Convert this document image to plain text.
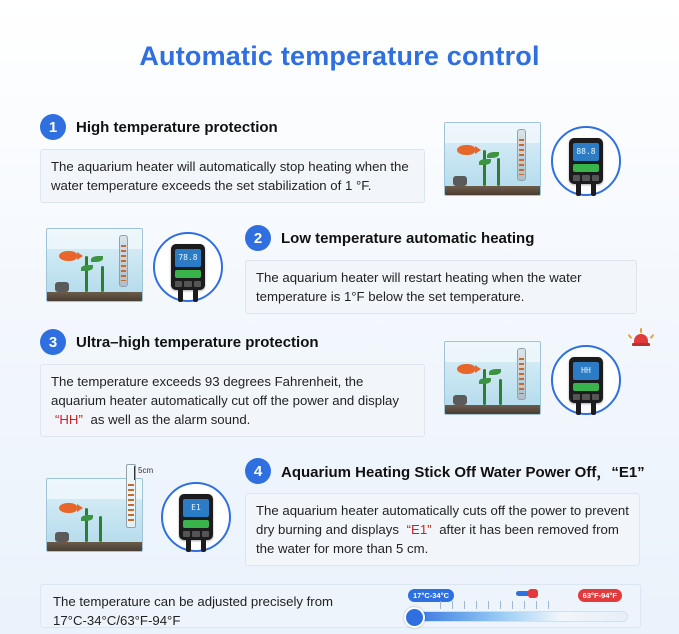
Automatic temperature control
1	High temperature protection
The aquarium heater will automatically stop heating when the water temperature exceeds the set stabilization of 1 °F.
88.8
2	Low temperature automatic heating
The aquarium heater will restart heating when the water temperature is 1°F below the set temperature.
78.8
3	Ultra–high temperature protection
The temperature exceeds 93 degrees Fahrenheit, the aquarium heater automatically cut off the power and display “HH” as well as the alarm sound.
HH
4	Aquarium Heating Stick Off Water Power Off，“E1”
The aquarium heater automatically cuts off the power to prevent dry burning and displays “E1” after it has been removed from the water for more than 5 cm.
5cm
E1
The temperature can be adjusted precisely from
17°C-34°C/63°F-94°F
17°C-34°C	63°F-94°F
